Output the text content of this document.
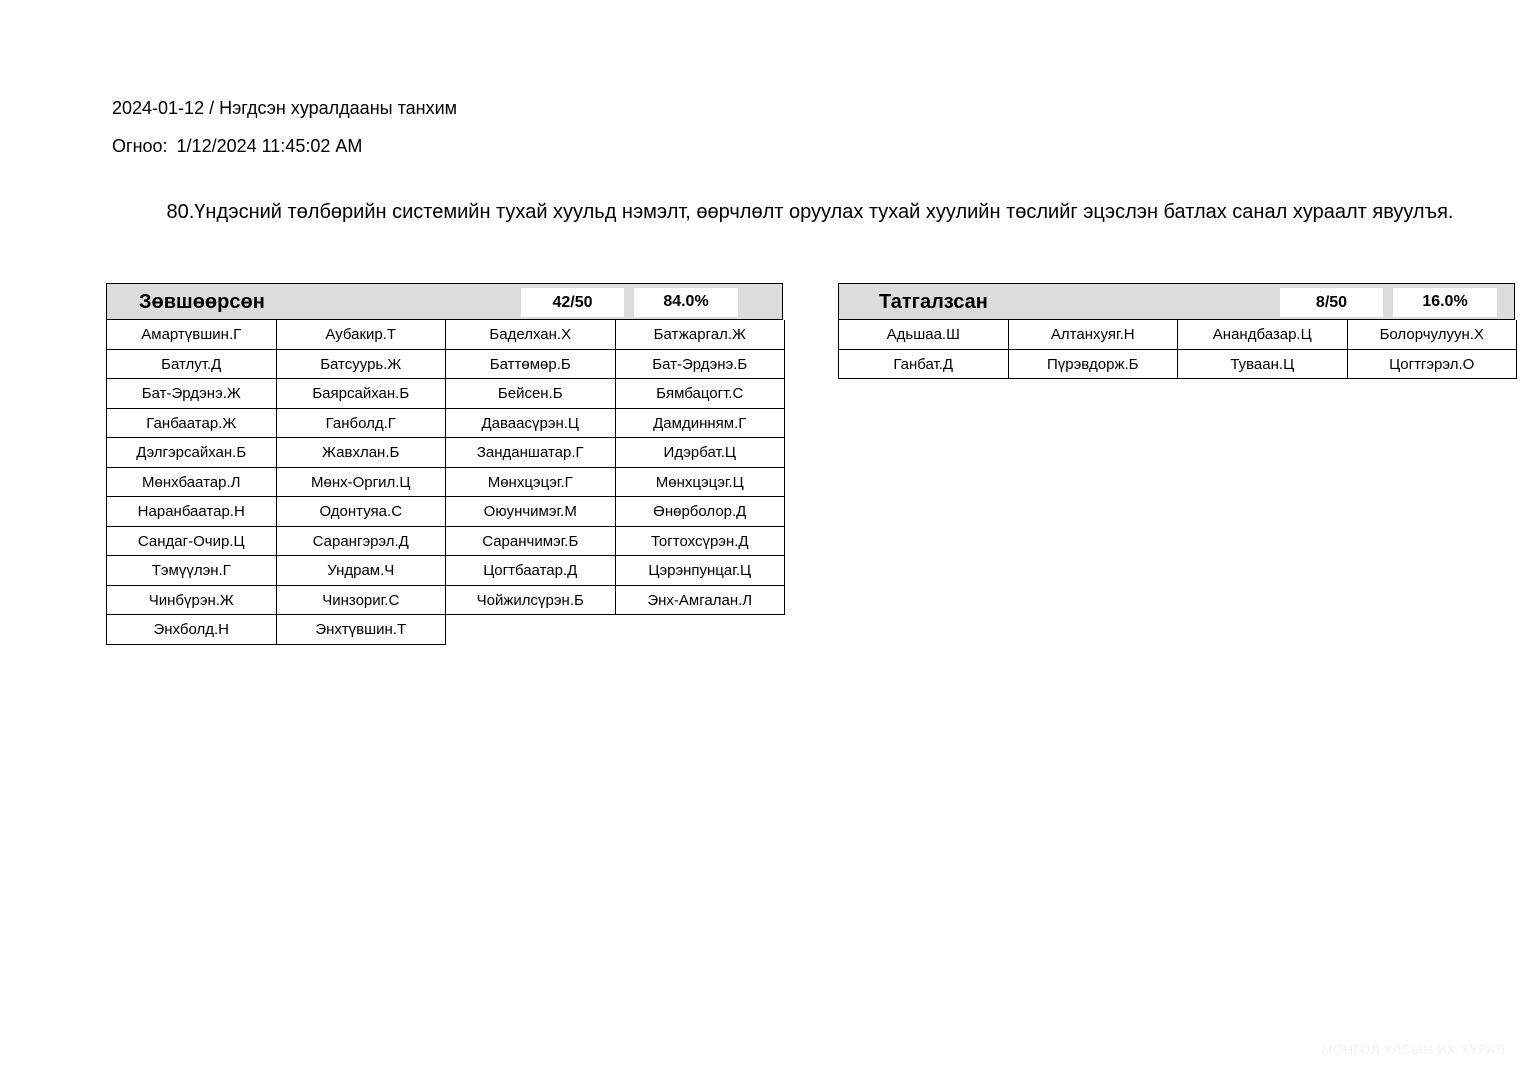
2024-01-12 / Нэгдсэн хуралдааны танхим
Огноо: 1/12/2024 11:45:02 AM
80.Үндэсний төлбөрийн системийн тухай хуульд нэмэлт, өөрчлөлт оруулах тухай хуулийн төслийг эцэслэн батлах санал хураалт явуулъя.
Зөвшөөрсөн	42/50	84.0%
Амартүвшин.Г	Аубакир.Т	Баделхан.Х	Батжаргал.Ж
Батлут.Д	Батсуурь.Ж	Баттөмөр.Б	Бат-Эрдэнэ.Б
Бат-Эрдэнэ.Ж	Баярсайхан.Б	Бейсен.Б	Бямбацогт.С
Ганбаатар.Ж	Ганболд.Г	Даваасүрэн.Ц	Дамдинням.Г
Дэлгэрсайхан.Б	Жавхлан.Б	Занданшатар.Г	Идэрбат.Ц
Мөнхбаатар.Л	Мөнх-Оргил.Ц	Мөнхцэцэг.Г	Мөнхцэцэг.Ц
Наранбаатар.Н	Одонтуяа.С	Оюунчимэг.М	Өнөрболор.Д
Сандаг-Очир.Ц	Сарангэрэл.Д	Саранчимэг.Б	Тогтохсүрэн.Д
Тэмүүлэн.Г	Ундрам.Ч	Цогтбаатар.Д	Цэрэнпунцаг.Ц
Чинбүрэн.Ж	Чинзориг.С	Чойжилсүрэн.Б	Энх-Амгалан.Л
Энхболд.Н	Энхтүвшин.Т
Татгалзсан	8/50	16.0%
Адьшаа.Ш	Алтанхуяг.Н	Анандбазар.Ц	Болорчулуун.Х
Ганбат.Д	Пүрэвдорж.Б	Туваан.Ц	Цогтгэрэл.О
МОНГОЛ УЛСЫН ИХ ХУРАЛ
